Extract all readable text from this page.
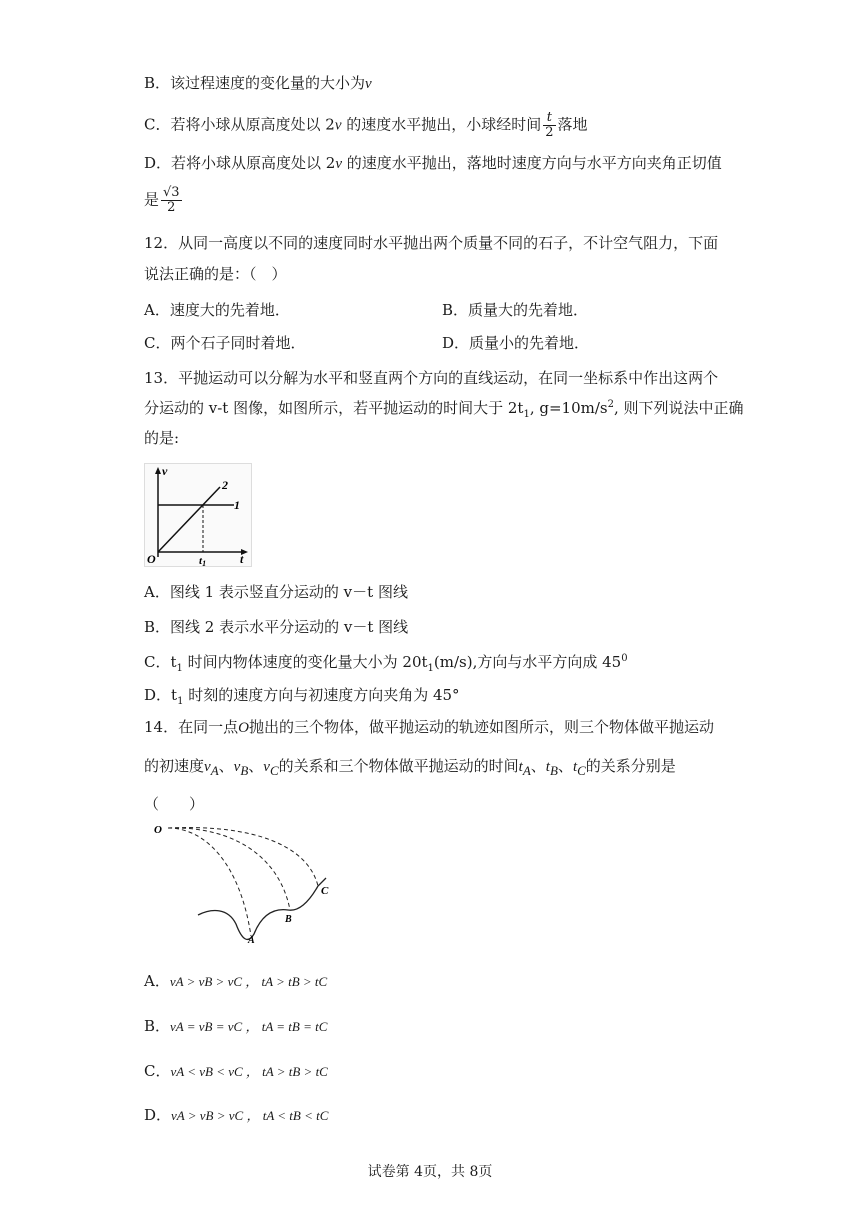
B．该过程速度的变化量的大小为v
C．若将小球从原高度处以 2v 的速度水平抛出，小球经时间 $\frac{t}{2}$ 落地
D．若将小球从原高度处以 2v 的速度水平抛出，落地时速度方向与水平方向夹角正切值
是 $\frac{√3}{2}$
12．从同一高度以不同的速度同时水平抛出两个质量不同的石子，不计空气阻力，下面
说法正确的是：（　）
A．速度大的先着地．	B．质量大的先着地．
C．两个石子同时着地．	D．质量小的先着地．
13．平抛运动可以分解为水平和竖直两个方向的直线运动，在同一坐标系中作出这两个
分运动的 v-t 图像，如图所示，若平抛运动的时间大于 $2t_1$, $g=10m/s^2$, 则下列说法中正确
的是:
v
t
O	t1
1
2
A．图线 1 表示竖直分运动的 v－t 图线
B．图线 2 表示水平分运动的 v－t 图线
C．$t_1$ 时间内物体速度的变化量大小为 $20t_1(m/s)$,方向与水平方向成 $45^0$
D．$t_1$ 时刻的速度方向与初速度方向夹角为 45°
14．在同一点O抛出的三个物体，做平抛运动的轨迹如图所示，则三个物体做平抛运动
的初速度$v_A$、$v_B$、$v_C$的关系和三个物体做平抛运动的时间$t_A$、$t_B$、$t_C$的关系分别是
（　　）
O
A
B
C
A．vA > vB > vC ， tA > tB > tC
B．vA = vB = vC ， tA = tB = tC
C．vA < vB < vC ， tA > tB > tC
D．vA > vB > vC ， tA < tB < tC
试卷第 4页，共 8页
